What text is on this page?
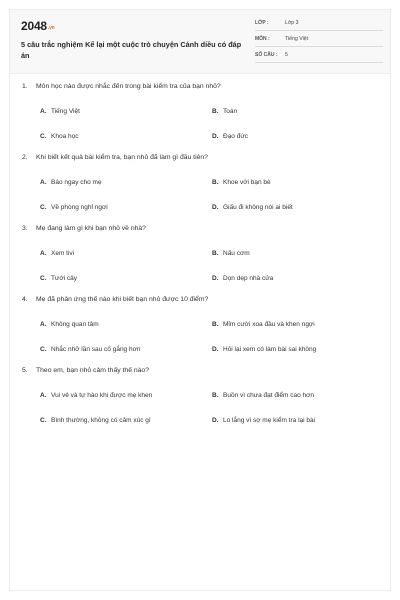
2048.vn
5 câu trắc nghiệm Kể lại một cuộc trò chuyện Cánh diều có đáp án
LỚP :	Lớp 3
MÔN :	Tiếng Việt
SỐ CÂU : 5
1. Môn học nào được nhắc đến trong bài kiểm tra của bạn nhỏ?
A. Tiếng Việt	B. Toán
C. Khoa học	D. Đạo đức
2. Khi biết kết quả bài kiểm tra, bạn nhỏ đã làm gì đầu tiên?
A. Báo ngay cho mẹ	B. Khoe với bạn bè
C. Về phòng nghỉ ngơi	D. Giấu đi không nói ai biết
3. Mẹ đang làm gì khi bạn nhỏ về nhà?
A. Xem tivi	B. Nấu cơm
C. Tưới cây	D. Dọn dẹp nhà cửa
4. Mẹ đã phản ứng thế nào khi biết bạn nhỏ được 10 điểm?
A. Không quan tâm	B. Mỉm cười xoa đầu và khen ngợi
C. Nhắc nhở lần sau cố gắng hơn	D. Hỏi lại xem có làm bài sai không
5. Theo em, bạn nhỏ cảm thấy thế nào?
A. Vui vẻ và tự hào khi được mẹ khen	B. Buồn vì chưa đạt điểm cao hơn
C. Bình thường, không có cảm xúc gì	D. Lo lắng vì sợ mẹ kiểm tra lại bài
